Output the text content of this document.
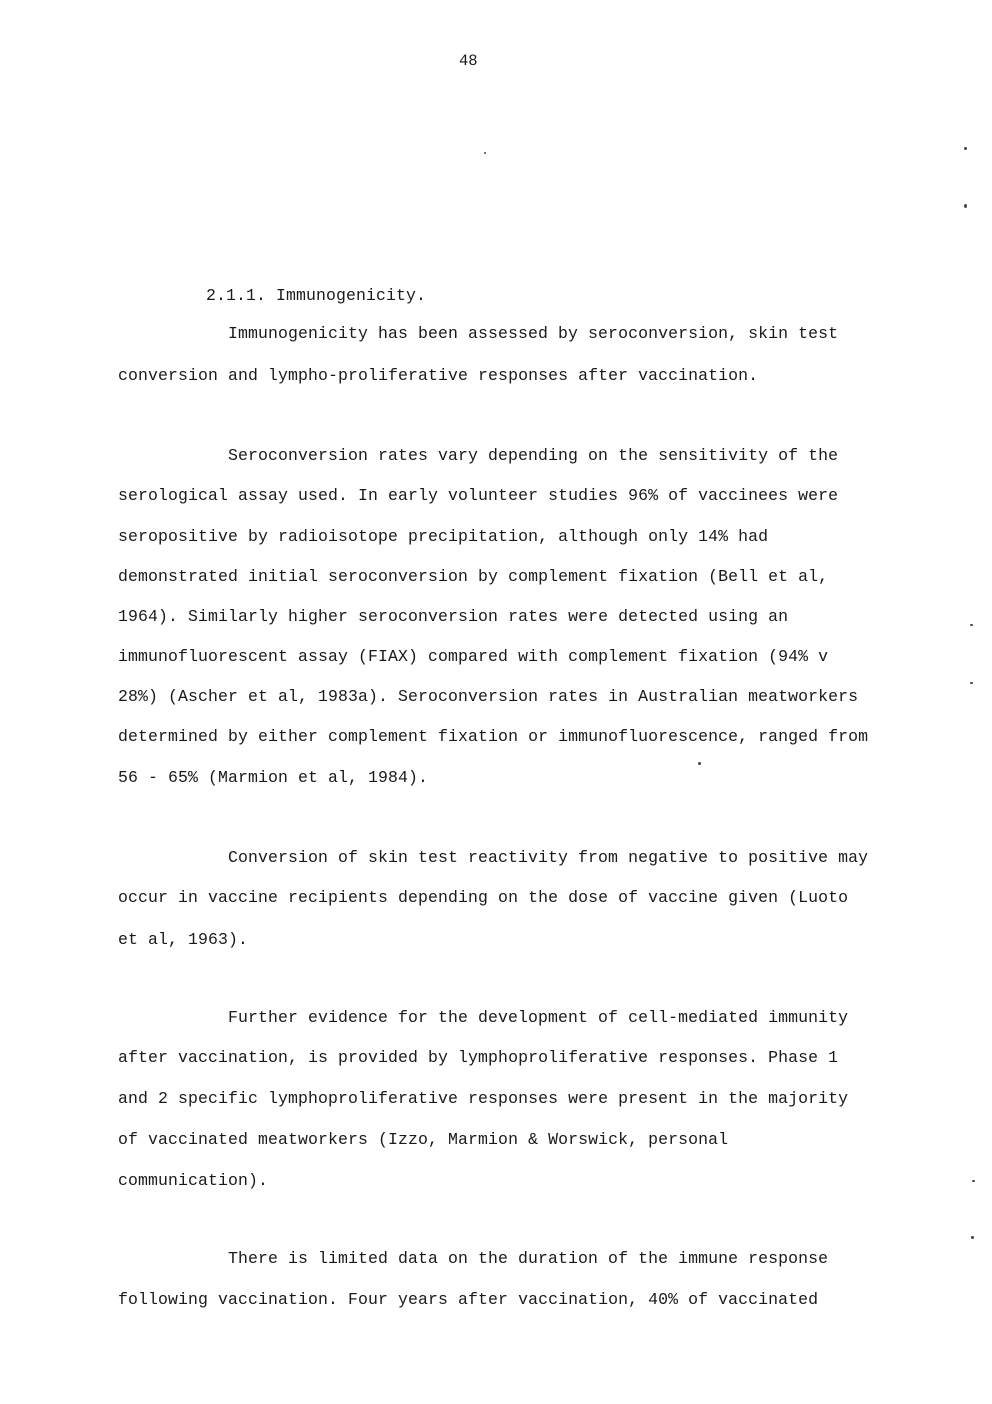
48
2.1.1. Immunogenicity.
Immunogenicity has been assessed by seroconversion, skin test
conversion and lympho-proliferative responses after vaccination.
Seroconversion rates vary depending on the sensitivity of the
serological assay used. In early volunteer studies 96% of vaccinees were
seropositive by radioisotope precipitation, although only 14% had
demonstrated initial seroconversion by complement fixation (Bell et al,
1964). Similarly higher seroconversion rates were detected using an
immunofluorescent assay (FIAX) compared with complement fixation (94% v
28%) (Ascher et al, 1983a). Seroconversion rates in Australian meatworkers
determined by either complement fixation or immunofluorescence, ranged from
56 - 65% (Marmion et al, 1984).
Conversion of skin test reactivity from negative to positive may
occur in vaccine recipients depending on the dose of vaccine given (Luoto
et al, 1963).
Further evidence for the development of cell-mediated immunity
after vaccination, is provided by lymphoproliferative responses. Phase 1
and 2 specific lymphoproliferative responses were present in the majority
of vaccinated meatworkers (Izzo, Marmion & Worswick, personal
communication).
There is limited data on the duration of the immune response
following vaccination. Four years after vaccination, 40% of vaccinated
